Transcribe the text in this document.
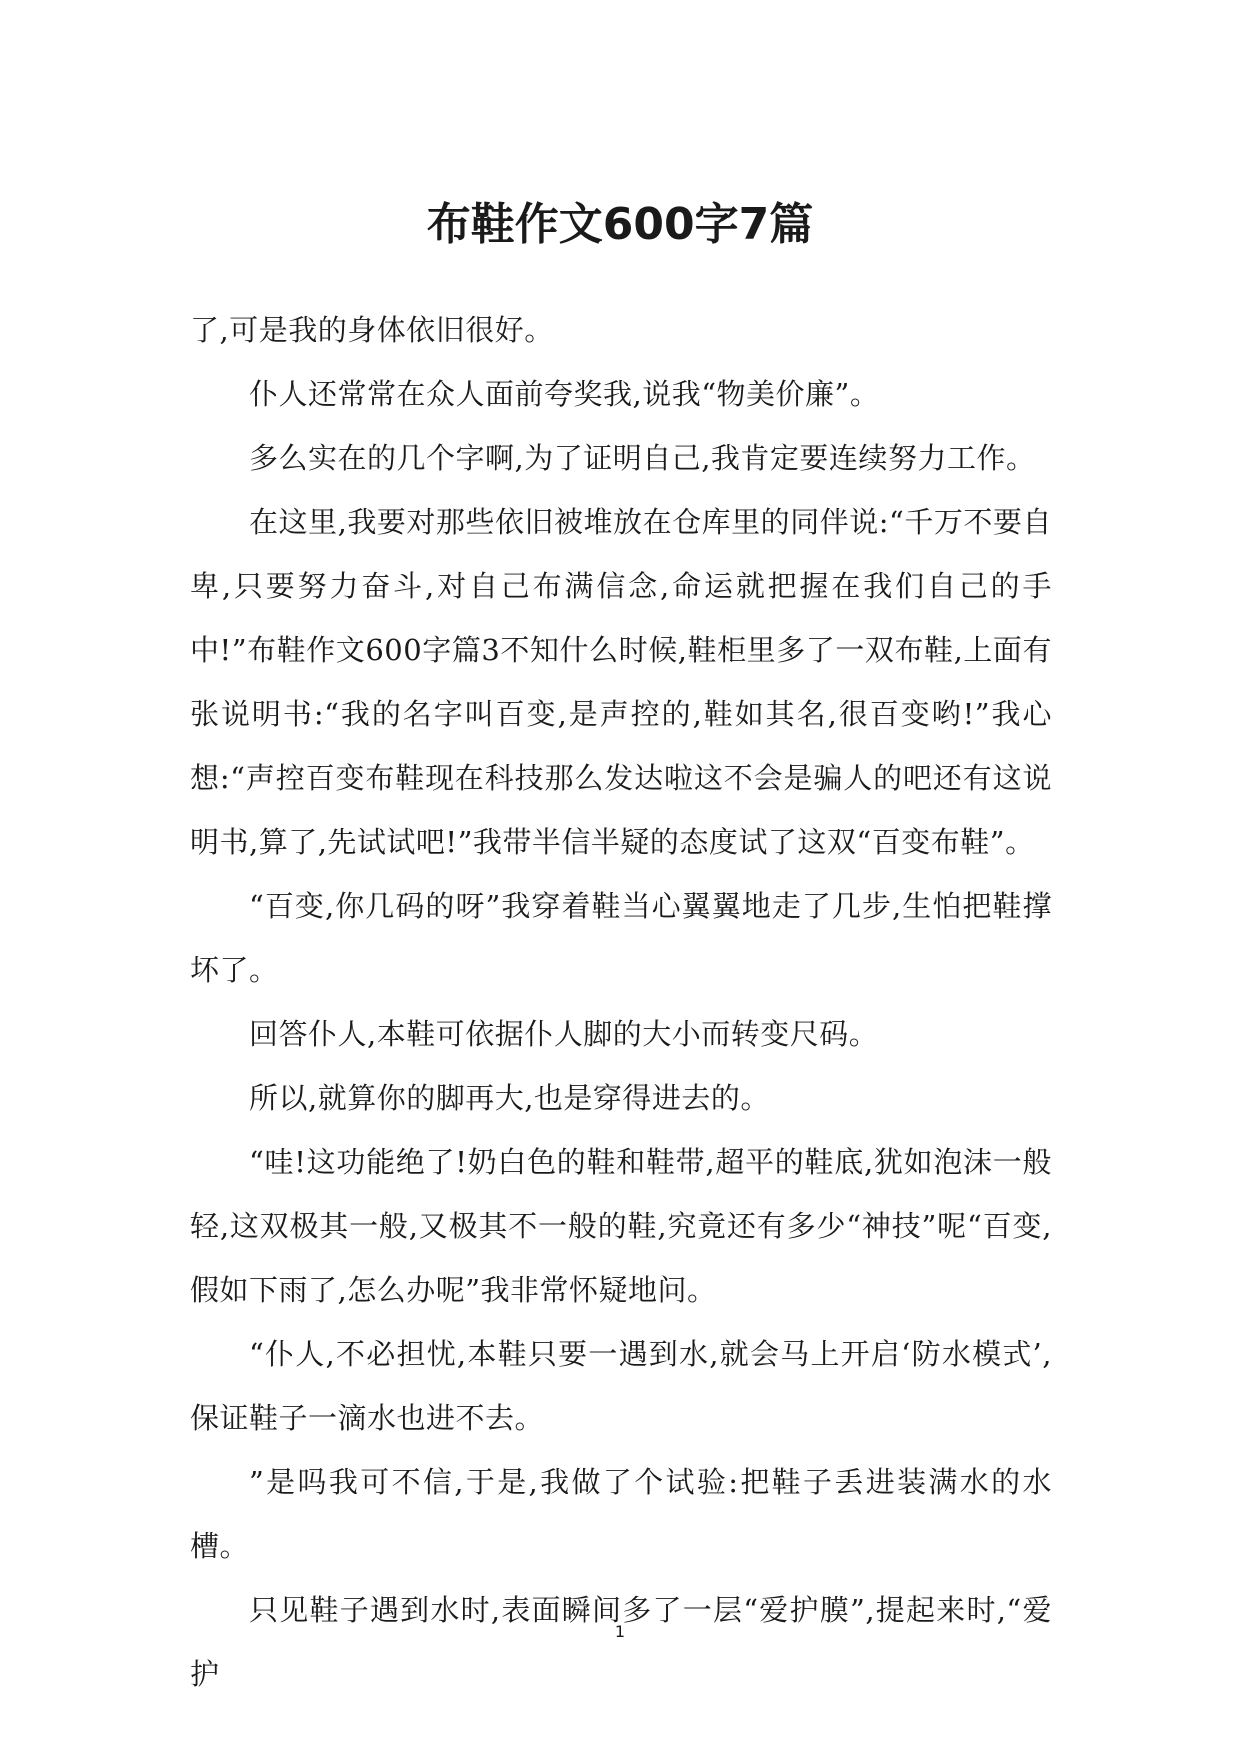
布鞋作文600字7篇

了,可是我的身体依旧很好。

仆人还常常在众人面前夸奖我,说我“物美价廉”。

多么实在的几个字啊,为了证明自己,我肯定要连续努力工作。

在这里,我要对那些依旧被堆放在仓库里的同伴说:“千万不要自卑,只要努力奋斗,对自己布满信念,命运就把握在我们自己的手中!”布鞋作文600字篇3不知什么时候,鞋柜里多了一双布鞋,上面有张说明书:“我的名字叫百变,是声控的,鞋如其名,很百变哟!”我心想:“声控百变布鞋现在科技那么发达啦这不会是骗人的吧还有这说明书,算了,先试试吧!”我带半信半疑的态度试了这双“百变布鞋”。

“百变,你几码的呀”我穿着鞋当心翼翼地走了几步,生怕把鞋撑坏了。

回答仆人,本鞋可依据仆人脚的大小而转变尺码。

所以,就算你的脚再大,也是穿得进去的。

“哇!这功能绝了!奶白色的鞋和鞋带,超平的鞋底,犹如泡沫一般轻,这双极其一般,又极其不一般的鞋,究竟还有多少“神技”呢“百变,假如下雨了,怎么办呢”我非常怀疑地问。

“仆人,不必担忧,本鞋只要一遇到水,就会马上开启‘防水模式’,保证鞋子一滴水也进不去。

”是吗我可不信,于是,我做了个试验:把鞋子丢进装满水的水槽。

只见鞋子遇到水时,表面瞬间多了一层“爱护膜”,提起来时,“爱护

1
